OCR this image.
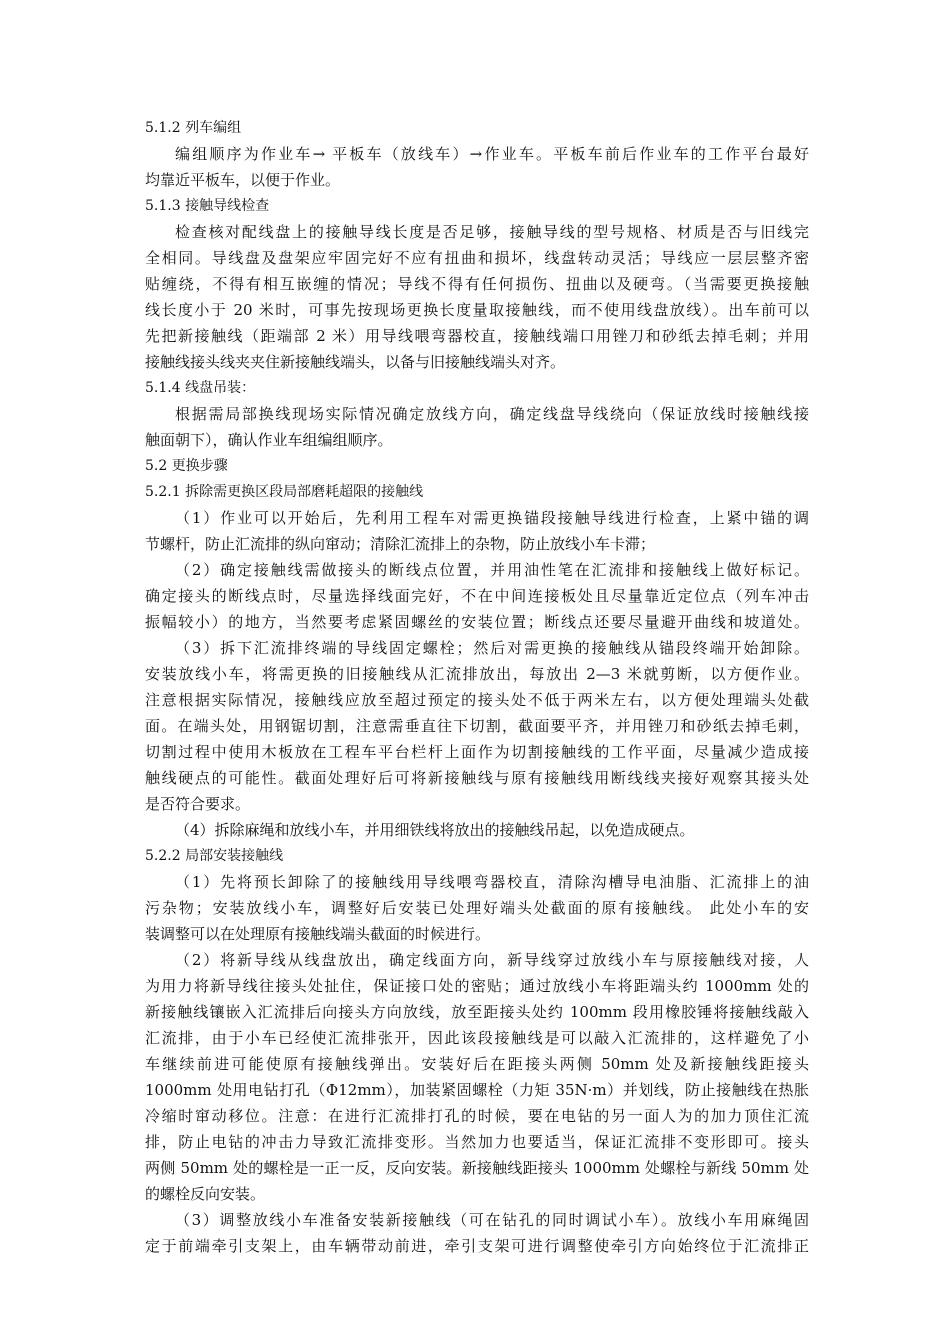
5.1.2 列车编组
编组顺序为作业车→ 平板车（放线车）→作业车。平板车前后作业车的工作平台最好
均靠近平板车，以便于作业。
5.1.3 接触导线检查
检查核对配线盘上的接触导线长度是否足够，接触导线的型号规格、材质是否与旧线完
全相同。导线盘及盘架应牢固完好不应有扭曲和损坏，线盘转动灵活；导线应一层层整齐密
贴缠绕，不得有相互嵌缠的情况；导线不得有任何损伤、扭曲以及硬弯。（当需要更换接触
线长度小于 20 米时，可事先按现场更换长度量取接触线，而不使用线盘放线）。出车前可以
先把新接触线（距端部 2 米）用导线喂弯器校直，接触线端口用锉刀和砂纸去掉毛刺；并用
接触线接头线夹夹住新接触线端头，以备与旧接触线端头对齐。
5.1.4 线盘吊装：
根据需局部换线现场实际情况确定放线方向，确定线盘导线绕向（保证放线时接触线接
触面朝下），确认作业车组编组顺序。
5.2 更换步骤
5.2.1 拆除需更换区段局部磨耗超限的接触线
（1）作业可以开始后，先利用工程车对需更换锚段接触导线进行检查，上紧中锚的调
节螺杆，防止汇流排的纵向窜动；清除汇流排上的杂物，防止放线小车卡滞；
（2）确定接触线需做接头的断线点位置，并用油性笔在汇流排和接触线上做好标记。
确定接头的断线点时，尽量选择线面完好，不在中间连接板处且尽量靠近定位点（列车冲击
振幅较小）的地方，当然要考虑紧固螺丝的安装位置；断线点还要尽量避开曲线和坡道处。
（3）拆下汇流排终端的导线固定螺栓；然后对需更换的接触线从锚段终端开始卸除。
安装放线小车，将需更换的旧接触线从汇流排放出，每放出 2—3 米就剪断，以方便作业。
注意根据实际情况，接触线应放至超过预定的接头处不低于两米左右，以方便处理端头处截
面。在端头处，用钢锯切割，注意需垂直往下切割，截面要平齐，并用锉刀和砂纸去掉毛刺，
切割过程中使用木板放在工程车平台栏杆上面作为切割接触线的工作平面，尽量减少造成接
触线硬点的可能性。截面处理好后可将新接触线与原有接触线用断线线夹接好观察其接头处
是否符合要求。
（4）拆除麻绳和放线小车，并用细铁线将放出的接触线吊起，以免造成硬点。
5.2.2 局部安装接触线
（1）先将预长卸除了的接触线用导线喂弯器校直，清除沟槽导电油脂、汇流排上的油
污杂物；安装放线小车，调整好后安装已处理好端头处截面的原有接触线。 此处小车的安
装调整可以在处理原有接触线端头截面的时候进行。
（2）将新导线从线盘放出，确定线面方向，新导线穿过放线小车与原接触线对接，人
为用力将新导线往接头处扯住，保证接口处的密贴；通过放线小车将距端头约 1000mm 处的
新接触线镶嵌入汇流排后向接头方向放线，放至距接头处约 100mm 段用橡胶锤将接触线敲入
汇流排，由于小车已经使汇流排张开，因此该段接触线是可以敲入汇流排的，这样避免了小
车继续前进可能使原有接触线弹出。安装好后在距接头两侧 50mm 处及新接触线距接头
1000mm 处用电钻打孔（Φ12mm），加装紧固螺栓（力矩 35N·m）并划线，防止接触线在热胀
冷缩时窜动移位。注意：在进行汇流排打孔的时候，要在电钻的另一面人为的加力顶住汇流
排，防止电钻的冲击力导致汇流排变形。当然加力也要适当，保证汇流排不变形即可。接头
两侧 50mm 处的螺栓是一正一反，反向安装。新接触线距接头 1000mm 处螺栓与新线 50mm 处
的螺栓反向安装。
（3）调整放线小车准备安装新接触线（可在钻孔的同时调试小车）。放线小车用麻绳固
定于前端牵引支架上，由车辆带动前进，牵引支架可进行调整使牵引方向始终位于汇流排正
